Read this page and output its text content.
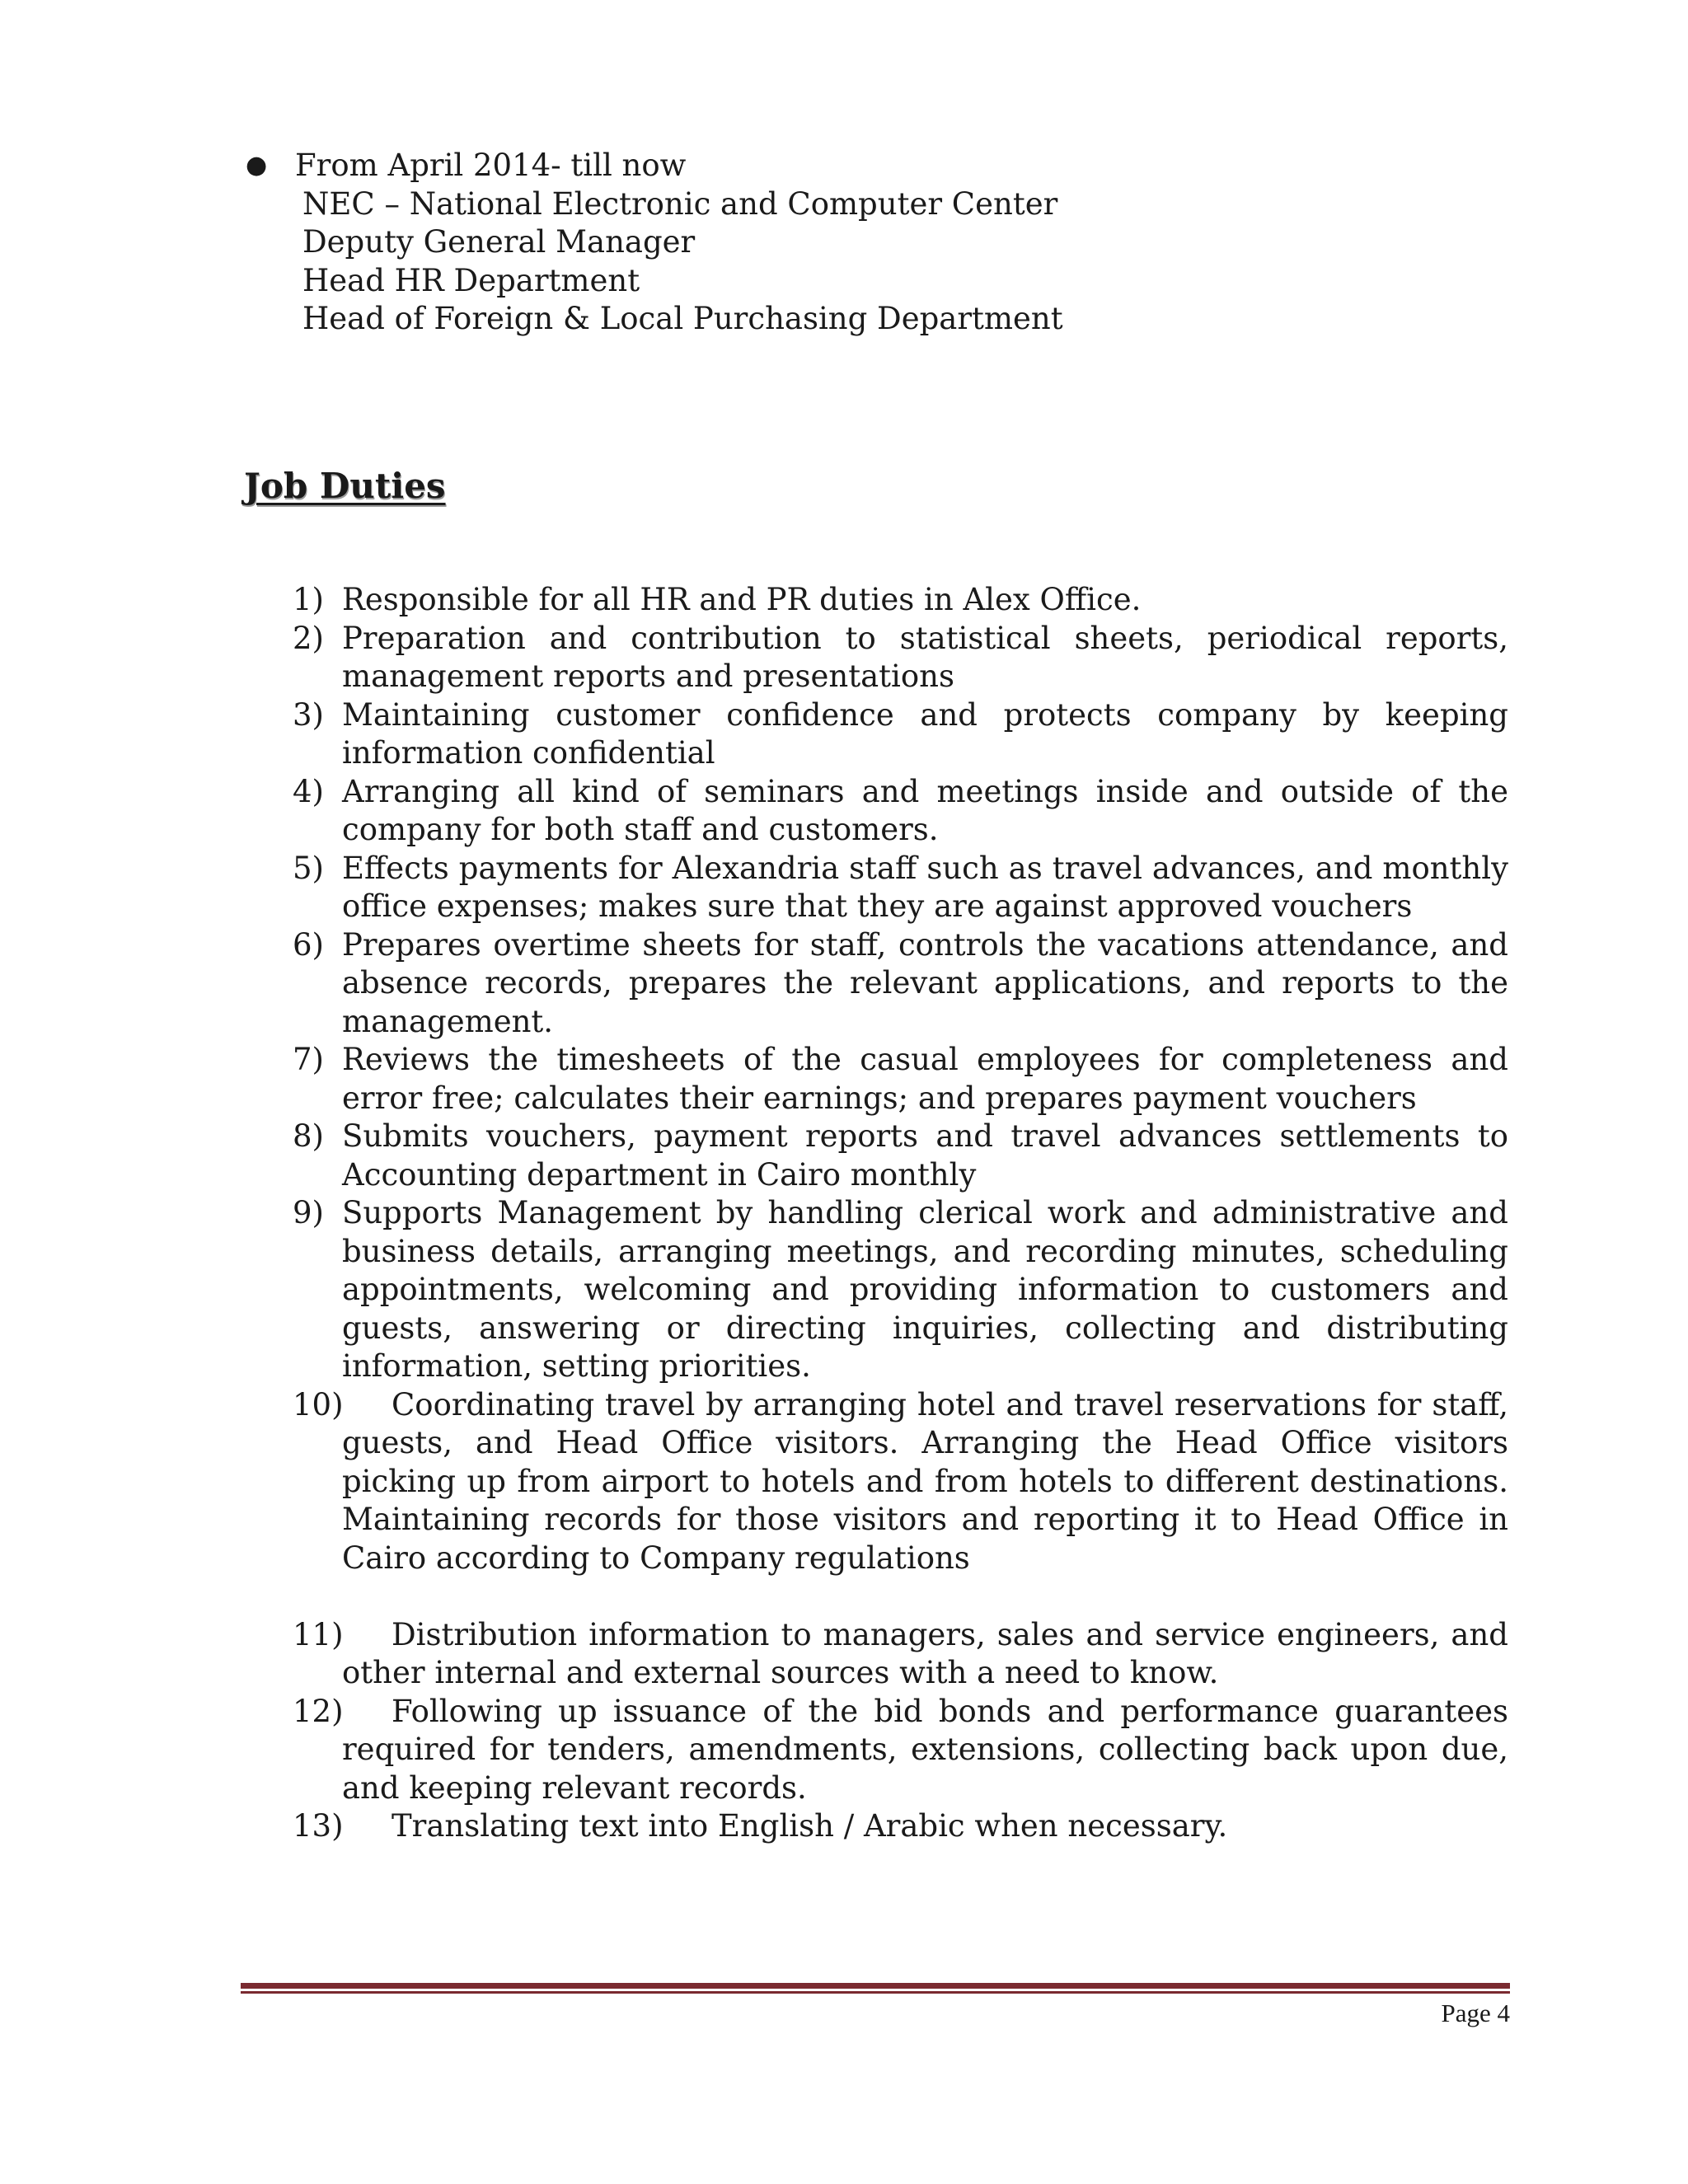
● From April 2014- till now
NEC – National Electronic and Computer Center
Deputy General Manager
Head HR Department
Head of Foreign & Local Purchasing Department
Job Duties
1) Responsible for all HR and PR duties in Alex Office.
2) Preparation and contribution to statistical sheets, periodical reports, management reports and presentations
3) Maintaining customer confidence and protects company by keeping information confidential
4) Arranging all kind of seminars and meetings inside and outside of the company for both staff and customers.
5) Effects payments for Alexandria staff such as travel advances, and monthly office expenses; makes sure that they are against approved vouchers
6) Prepares overtime sheets for staff, controls the vacations attendance, and absence records, prepares the relevant applications, and reports to the management.
7) Reviews the timesheets of the casual employees for completeness and error free; calculates their earnings; and prepares payment vouchers
8) Submits vouchers, payment reports and travel advances settlements to Accounting department in Cairo monthly
9) Supports Management by handling clerical work and administrative and business details, arranging meetings, and recording minutes, scheduling appointments, welcoming and providing information to customers and guests, answering or directing inquiries, collecting and distributing information, setting priorities.
10)	Coordinating travel by arranging hotel and travel reservations for staff, guests, and Head Office visitors. Arranging the Head Office visitors picking up from airport to hotels and from hotels to different destinations. Maintaining records for those visitors and reporting it to Head Office in Cairo according to Company regulations
11)	Distribution information to managers, sales and service engineers, and other internal and external sources with a need to know.
12)	Following up issuance of the bid bonds and performance guarantees required for tenders, amendments, extensions, collecting back upon due, and keeping relevant records.
13)	Translating text into English / Arabic when necessary.
Page 4
